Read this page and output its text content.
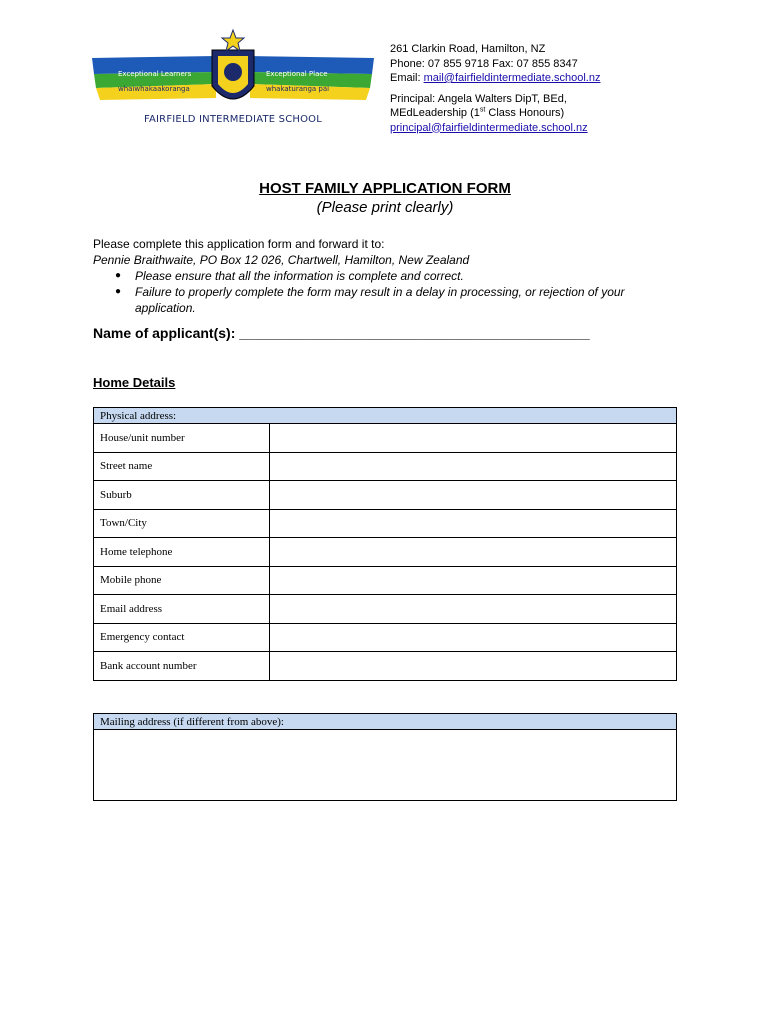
Exceptional Learners
whaiwhakaakoranga
Exceptional Place
whakaturanga pai
FAIRFIELD INTERMEDIATE SCHOOL
261 Clarkin Road, Hamilton, NZ
Phone: 07 855 9718 Fax: 07 855 8347
Email: mail@fairfieldintermediate.school.nz
Principal: Angela Walters DipT, BEd,
MEdLeadership (1st Class Honours)
principal@fairfieldintermediate.school.nz
HOST FAMILY APPLICATION FORM
(Please print clearly)
Please complete this application form and forward it to:
Pennie Braithwaite, PO Box 12 026, Chartwell, Hamilton, New Zealand
● Please ensure that all the information is complete and correct.
● Failure to properly complete the form may result in a delay in processing, or rejection of your application.
Name of applicant(s): _____________________________________________
Home Details
Physical address:	
House/unit number	
Street name	
Suburb	
Town/City	
Home telephone	
Mobile phone	
Email address	
Emergency contact	
Bank account number	
Mailing address (if different from above):
